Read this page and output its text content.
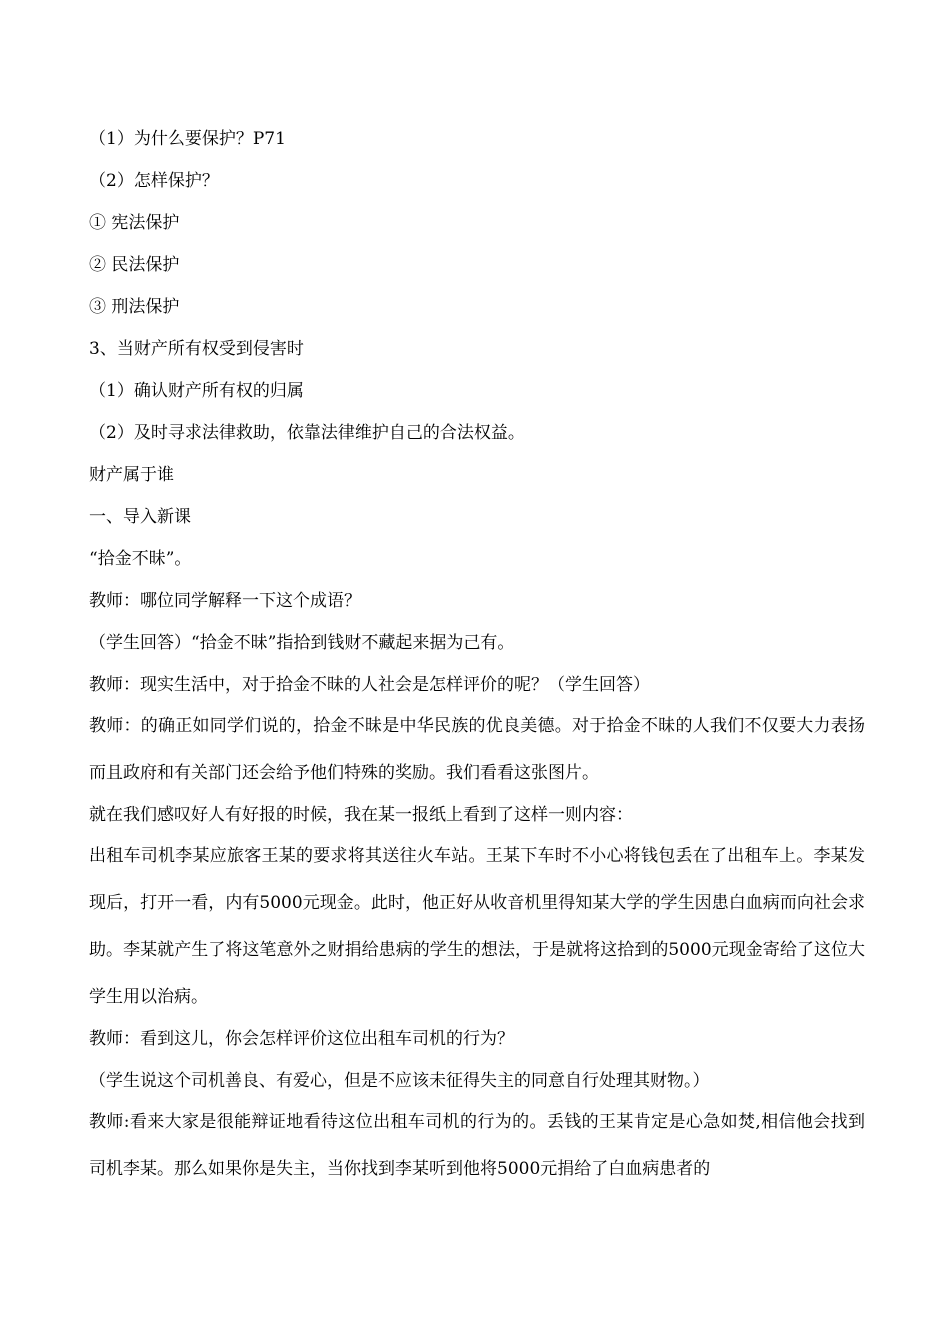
（1）为什么要保护？P71
（2）怎样保护？
① 宪法保护
② 民法保护
③ 刑法保护
3、当财产所有权受到侵害时
（1）确认财产所有权的归属
（2）及时寻求法律救助，依靠法律维护自己的合法权益。
财产属于谁
一、导入新课
“拾金不昧”。
教师：哪位同学解释一下这个成语？
（学生回答）“拾金不昧”指拾到钱财不藏起来据为己有。
教师：现实生活中，对于拾金不昧的人社会是怎样评价的呢？（学生回答）
教师：的确正如同学们说的，拾金不昧是中华民族的优良美德。对于拾金不昧的人我们不仅要大力表扬而且政府和有关部门还会给予他们特殊的奖励。我们看看这张图片。
就在我们感叹好人有好报的时候，我在某一报纸上看到了这样一则内容：
出租车司机李某应旅客王某的要求将其送往火车站。王某下车时不小心将钱包丢在了出租车上。李某发现后，打开一看，内有5000元现金。此时，他正好从收音机里得知某大学的学生因患白血病而向社会求助。李某就产生了将这笔意外之财捐给患病的学生的想法，于是就将这拾到的5000元现金寄给了这位大学生用以治病。
教师：看到这儿，你会怎样评价这位出租车司机的行为？
（学生说这个司机善良、有爱心，但是不应该未征得失主的同意自行处理其财物。）
教师:看来大家是很能辩证地看待这位出租车司机的行为的。丢钱的王某肯定是心急如焚,相信他会找到司机李某。那么如果你是失主，当你找到李某听到他将5000元捐给了白血病患者的
